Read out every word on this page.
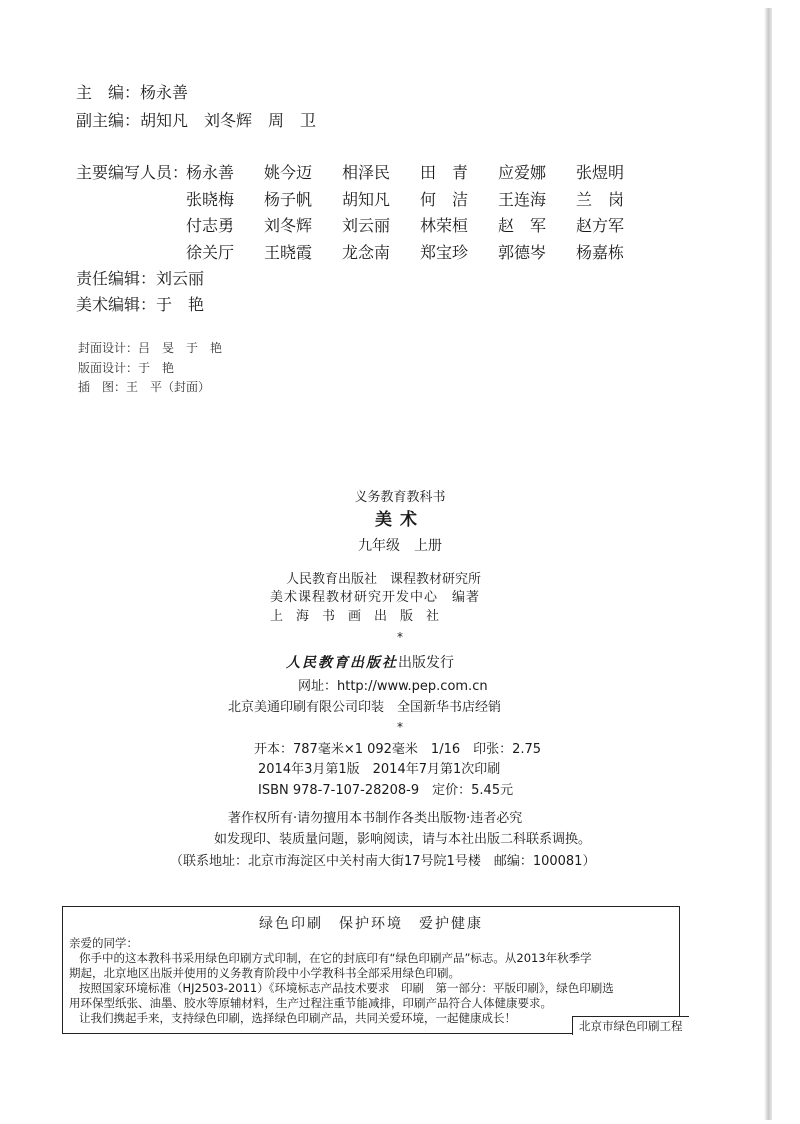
主　编：杨永善
副主编：胡知凡　刘冬辉　周　卫
主要编写人员：
杨永善 姚今迈 相泽民 田　青 应爱娜 张煜明
张晓梅 杨子帆 胡知凡 何　洁 王连海 兰　岗
付志勇 刘冬辉 刘云丽 林荣桓 赵　军 赵方军
徐关厅 王晓霞 龙念南 郑宝珍 郭德岑 杨嘉栋
责任编辑：刘云丽
美术编辑：于　艳
封面设计：吕　旻　于　艳
版面设计：于　艳
插　图：王　平（封面）
义务教育教科书
美术
九年级　上册
人民教育出版社　课程教材研究所
美术课程教材研究开发中心　编著
上海书画出版社
*
人民教育出版社出版发行
网址：http://www.pep.com.cn
北京美通印刷有限公司印装　全国新华书店经销
*
开本：787毫米×1 092毫米　1/16　印张：2.75
2014年3月第1版　2014年7月第1次印刷
ISBN 978-7-107-28208-9　定价：5.45元
著作权所有·请勿擅用本书制作各类出版物·违者必究
如发现印、装质量问题，影响阅读，请与本社出版二科联系调换。
（联系地址：北京市海淀区中关村南大街17号院1号楼　邮编：100081）
绿色印刷　保护环境　爱护健康
亲爱的同学：
你手中的这本教科书采用绿色印刷方式印制，在它的封底印有“绿色印刷产品”标志。从2013年秋季学
期起，北京地区出版并使用的义务教育阶段中小学教科书全部采用绿色印刷。
按照国家环境标准（HJ2503-2011）《环境标志产品技术要求　印刷　第一部分：平版印刷》，绿色印刷选
用环保型纸张、油墨、胶水等原辅材料，生产过程注重节能减排，印刷产品符合人体健康要求。
让我们携起手来，支持绿色印刷，选择绿色印刷产品，共同关爱环境，一起健康成长！
北京市绿色印刷工程
